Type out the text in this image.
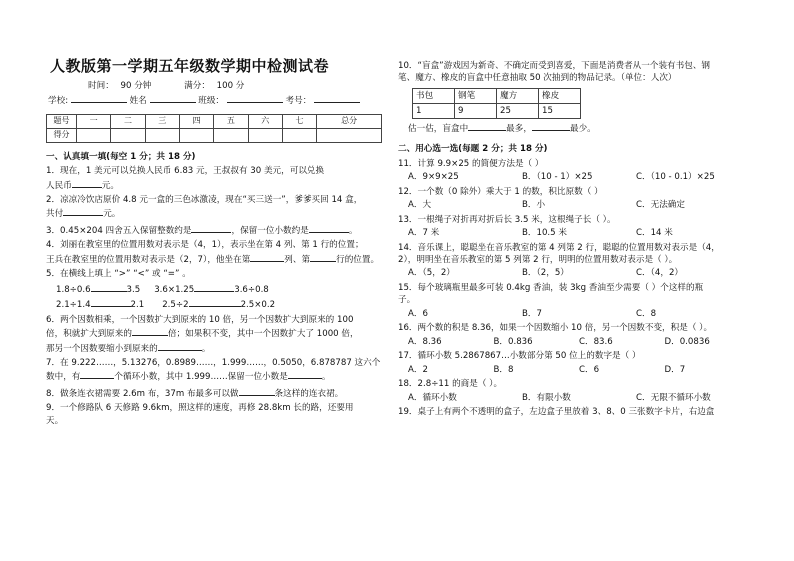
人教版第一学期五年级数学期中检测试卷
时间： 90 分钟	满分： 100 分
学校:	姓名	班级：	考号：
题号	一	二	三	四	五	六	七	总分
得分								
一、认真填一填(每空 1 分；共 18 分)
1．现在，1 美元可以兑换人民币 6.83 元，王叔叔有 30 美元，可以兑换
人民币	元。
2．凉凉冷饮店原价 4.8 元一盒的三色冰激凌，现在“买三送一”，爹爹买回 14 盒，
共付	元。
3．0.45×204 四舍五入保留整数约是	，保留一位小数约是	。
4．刘丽在教室里的位置用数对表示是（4，1），表示坐在第 4 列、第 1 行的位置；
王兵在教室里的位置用数对表示是（2，7），他坐在第	列、第	行的位置。
5．在横线上填上 “>” “<” 或 “=” 。
1.8÷0.6	3.5 3.6×1.25	3.6÷0.8
2.1÷1.4	2.1 2.5÷2	2.5×0.2
6．两个因数相乘，一个因数扩大到原来的 10 倍，另一个因数扩大到原来的 100
倍，积就扩大到原来的	倍；如果积不变，其中一个因数扩大了 1000 倍，
那另一个因数要缩小到原来的	。
7．在 9.222……，5.13276，0.8989……，1.999……，0.5050，6.878787 这六个
数中，有	个循环小数，其中 1.999……保留一位小数是	。
8．做条连衣裙需要 2.6m 布，37m 布最多可以做	条这样的连衣裙。
9．一个修路队 6 天修路 9.6km，照这样的速度，再修 28.8km 长的路，还要用
天。
10．“盲盒”游戏因为新奇、不确定而受到喜爱，下面是消费者从一个装有书包、钢
笔、魔方、橡皮的盲盒中任意抽取 50 次抽到的物品记录。（单位：人次）
书包	钢笔	魔方	橡皮
1	9	25	15
估一估，盲盒中	最多，	最少。
二、用心选一选(每题 2 分；共 18 分)
11．计算 9.9×25 的简便方法是（ ）
A．9×9×25	B．（10 - 1）×25	C．（10 - 0.1）×25
12．一个数（0 除外）乘大于 1 的数，积比原数（ ）
A．大	B．小	C．无法确定
13．一根绳子对折再对折后长 3.5 米，这根绳子长（ ）。
A．7 米	B．10.5 米	C．14 米
14．音乐课上，聪聪坐在音乐教室的第 4 列第 2 行，聪聪的位置用数对表示是（4，
2），明明坐在音乐教室的第 5 列第 2 行，明明的位置用数对表示是（ ）。
A．（5，2）	B．（2，5）	C．（4，2）
15．每个玻璃瓶里最多可装 0.4kg 香油，装 3kg 香油至少需要（ ）个这样的瓶
子。
A．6	B．7	C．8
16．两个数的积是 8.36，如果一个因数缩小 10 倍，另一个因数不变，积是（ ）。
A．8.36	B．0.836	C．83.6	D．0.0836
17．循环小数 5.2867867…小数部分第 50 位上的数字是（ ）
A．2	B．8	C．6	D．7
18．2.8÷11 的商是（ ）。
A．循环小数	B．有限小数	C．无限不循环小数
19．桌子上有两个不透明的盒子，左边盒子里放着 3、8、0 三张数字卡片，右边盒
